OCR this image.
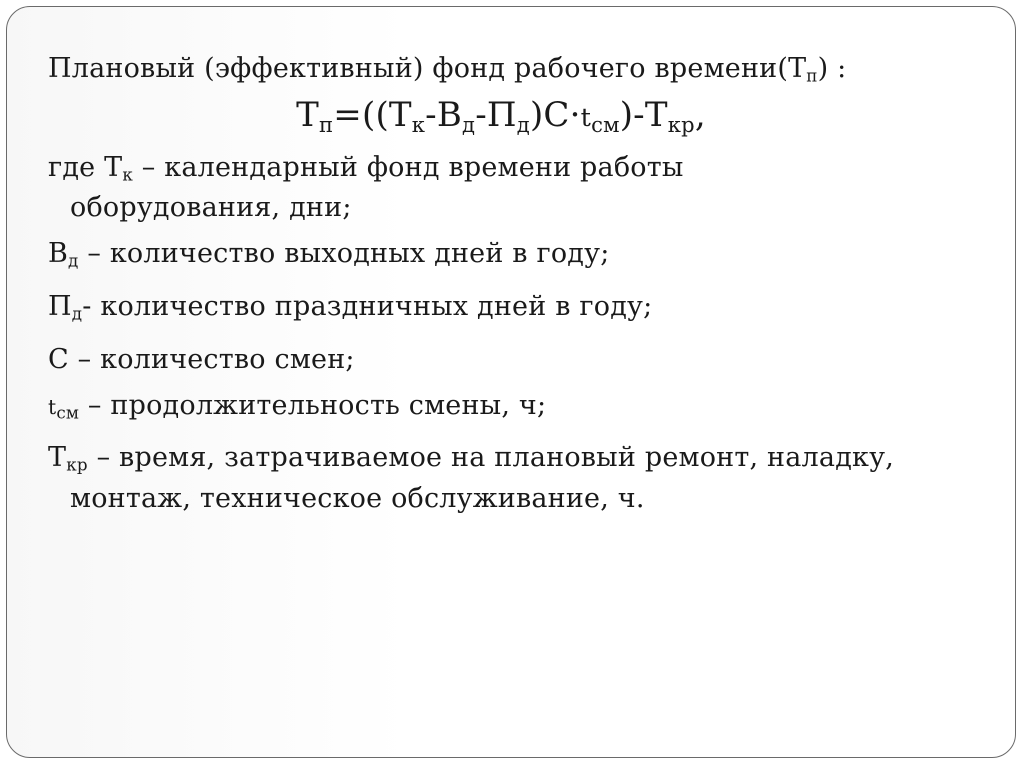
Плановый (эффективный) фонд рабочего $времени(Т_п)$ :

$Т_п=((Т_к-В_д-П_д)С\cdot t_{см})-Т_{кр}$,

где $Т_к$ – календарный фонд времени работы

оборудования, дни;

$В_д$ – количество выходных дней в году;

$П_д-$ количество праздничных дней в году;

С – количество смен;

$t_{см}$ – продолжительность смены, ч;

$Т_{кр}$ – время, затрачиваемое на плановый ремонт, наладку,

монтаж, техническое обслуживание, ч.
